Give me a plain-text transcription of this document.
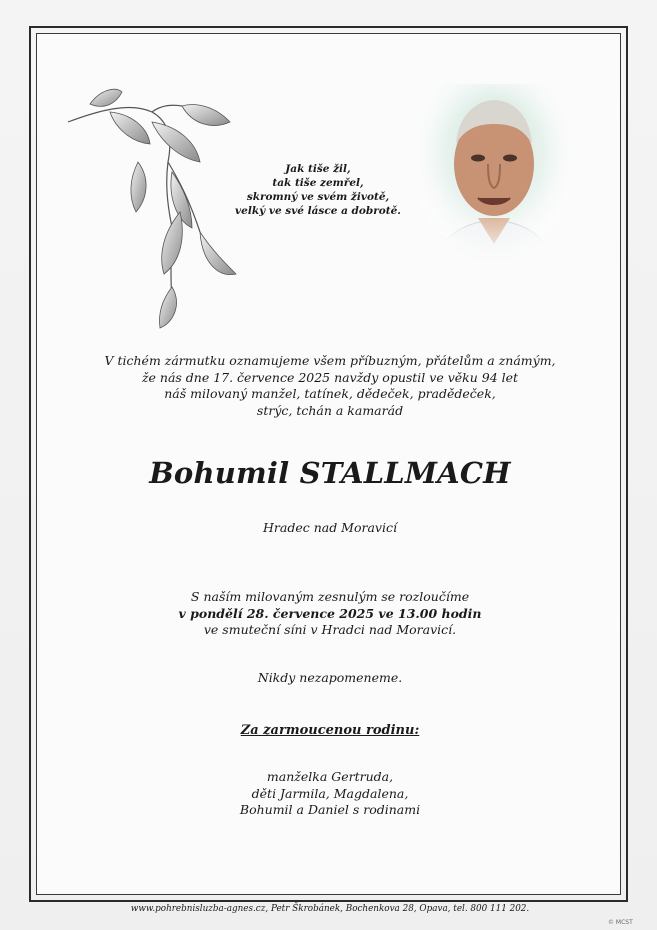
Jak tiše žil,
tak tiše zemřel,
skromný ve svém životě,
velký ve své lásce a dobrotě.
V tichém zármutku oznamujeme všem příbuzným, přátelům a známým,
že nás dne 17. července 2025 navždy opustil ve věku 94 let
náš milovaný manžel, tatínek, dědeček, pradědeček,
strýc, tchán a kamarád
Bohumil STALLMACH
Hradec nad Moravicí
S naším milovaným zesnulým se rozloučíme
v pondělí 28. července 2025 ve 13.00 hodin
ve smuteční síni v Hradci nad Moravicí.
Nikdy nezapomeneme.
Za zarmoucenou rodinu:
manželka Gertruda,
děti Jarmila, Magdalena,
Bohumil a Daniel s rodinami
www.pohrebnisluzba-agnes.cz, Petr Škrobánek, Bochenkova 28, Opava, tel. 800 111 202.
© MCST
